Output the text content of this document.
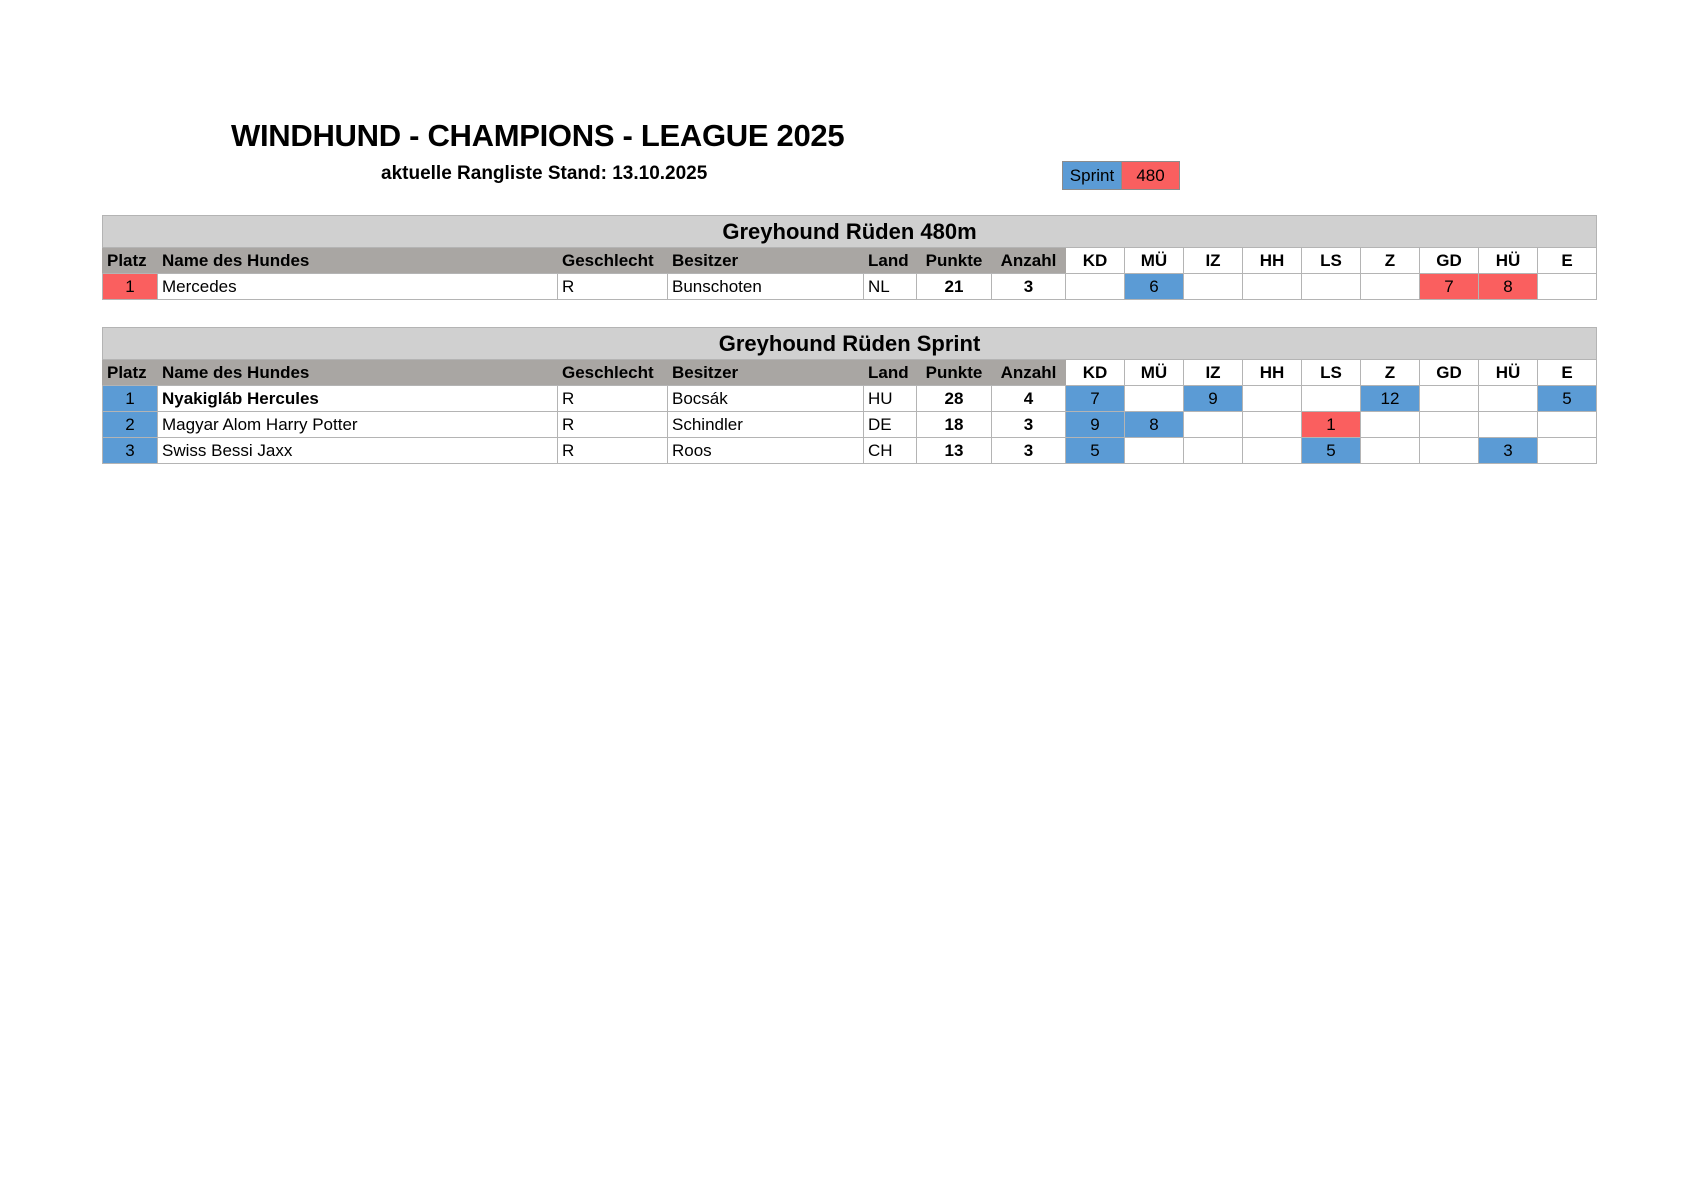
WINDHUND - CHAMPIONS - LEAGUE 2025
aktuelle Rangliste Stand: 13.10.2025	Sprint	480
Greyhound Rüden 480m															
Platz	Name des Hundes	Geschlecht	Besitzer	Land	Punkte	Anzahl	KD	MÜ	IZ	HH	LS	Z	GD	HÜ	E
1	Mercedes	R	Bunschoten	NL	21	3		6					7	8	
Greyhound Rüden Sprint															
Platz	Name des Hundes	Geschlecht	Besitzer	Land	Punkte	Anzahl	KD	MÜ	IZ	HH	LS	Z	GD	HÜ	E
1	Nyakigláb Hercules	R	Bocsák	HU	28	4	7		9			12			5
2	Magyar Alom Harry Potter	R	Schindler	DE	18	3	9	8			1				
3	Swiss Bessi Jaxx	R	Roos	CH	13	3	5				5			3	
